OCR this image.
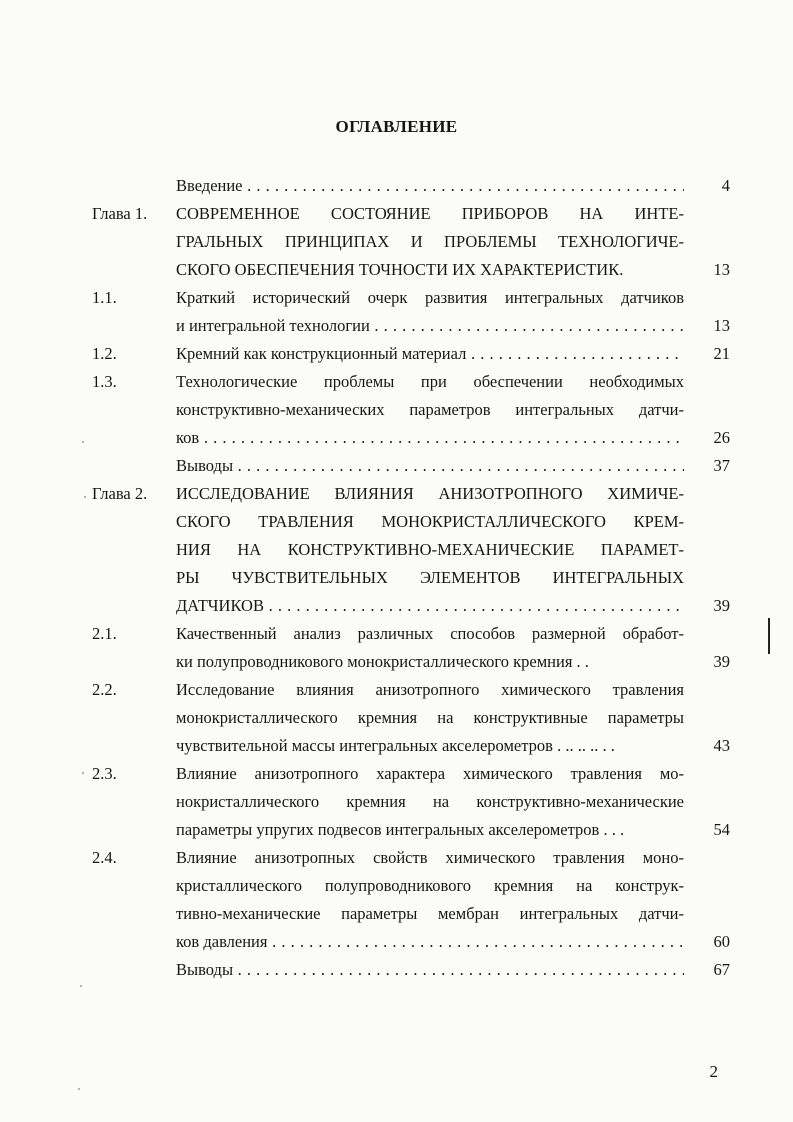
ОГЛАВЛЕНИЕ
Введение . . .	4
Глава 1. СОВРЕМЕННОЕ СОСТОЯНИЕ ПРИБОРОВ НА ИНТЕ-
ГРАЛЬНЫХ ПРИНЦИПАХ И ПРОБЛЕМЫ ТЕХНОЛОГИЧЕ-
СКОГО ОБЕСПЕЧЕНИЯ ТОЧНОСТИ ИХ ХАРАКТЕРИСТИК.	13
1.1.	Краткий исторический очерк развития интегральных датчиков
и интегральной технологии . . .	13
1.2.	Кремний как конструкционный материал . . .	21
1.3.	Технологические проблемы при обеспечении необходимых
конструктивно-механических параметров интегральных датчи-
ков . . .	26
Выводы . . .	37
Глава 2. ИССЛЕДОВАНИЕ ВЛИЯНИЯ АНИЗОТРОПНОГО ХИМИЧЕ-
СКОГО ТРАВЛЕНИЯ МОНОКРИСТАЛЛИЧЕСКОГО КРЕМ-
НИЯ НА КОНСТРУКТИВНО-МЕХАНИЧЕСКИЕ ПАРАМЕТ-
РЫ ЧУВСТВИТЕЛЬНЫХ ЭЛЕМЕНТОВ ИНТЕГРАЛЬНЫХ
ДАТЧИКОВ . . .	39
2.1.	Качественный анализ различных способов размерной обработ-
ки полупроводникового монокристаллического кремния . .	39
2.2.	Исследование влияния анизотропного химического травления
монокристаллического кремния на конструктивные параметры
чувствительной массы интегральных акселерометров . .. .. .. . .	43
2.3.	Влияние анизотропного характера химического травления мо-
нокристаллического кремния на конструктивно-механические
параметры упругих подвесов интегральных акселерометров . . .	54
2.4.	Влияние анизотропных свойств химического травления моно-
кристаллического полупроводникового кремния на конструк-
тивно-механические параметры мембран интегральных датчи-
ков давления . . .	60
Выводы . . .	67
2
